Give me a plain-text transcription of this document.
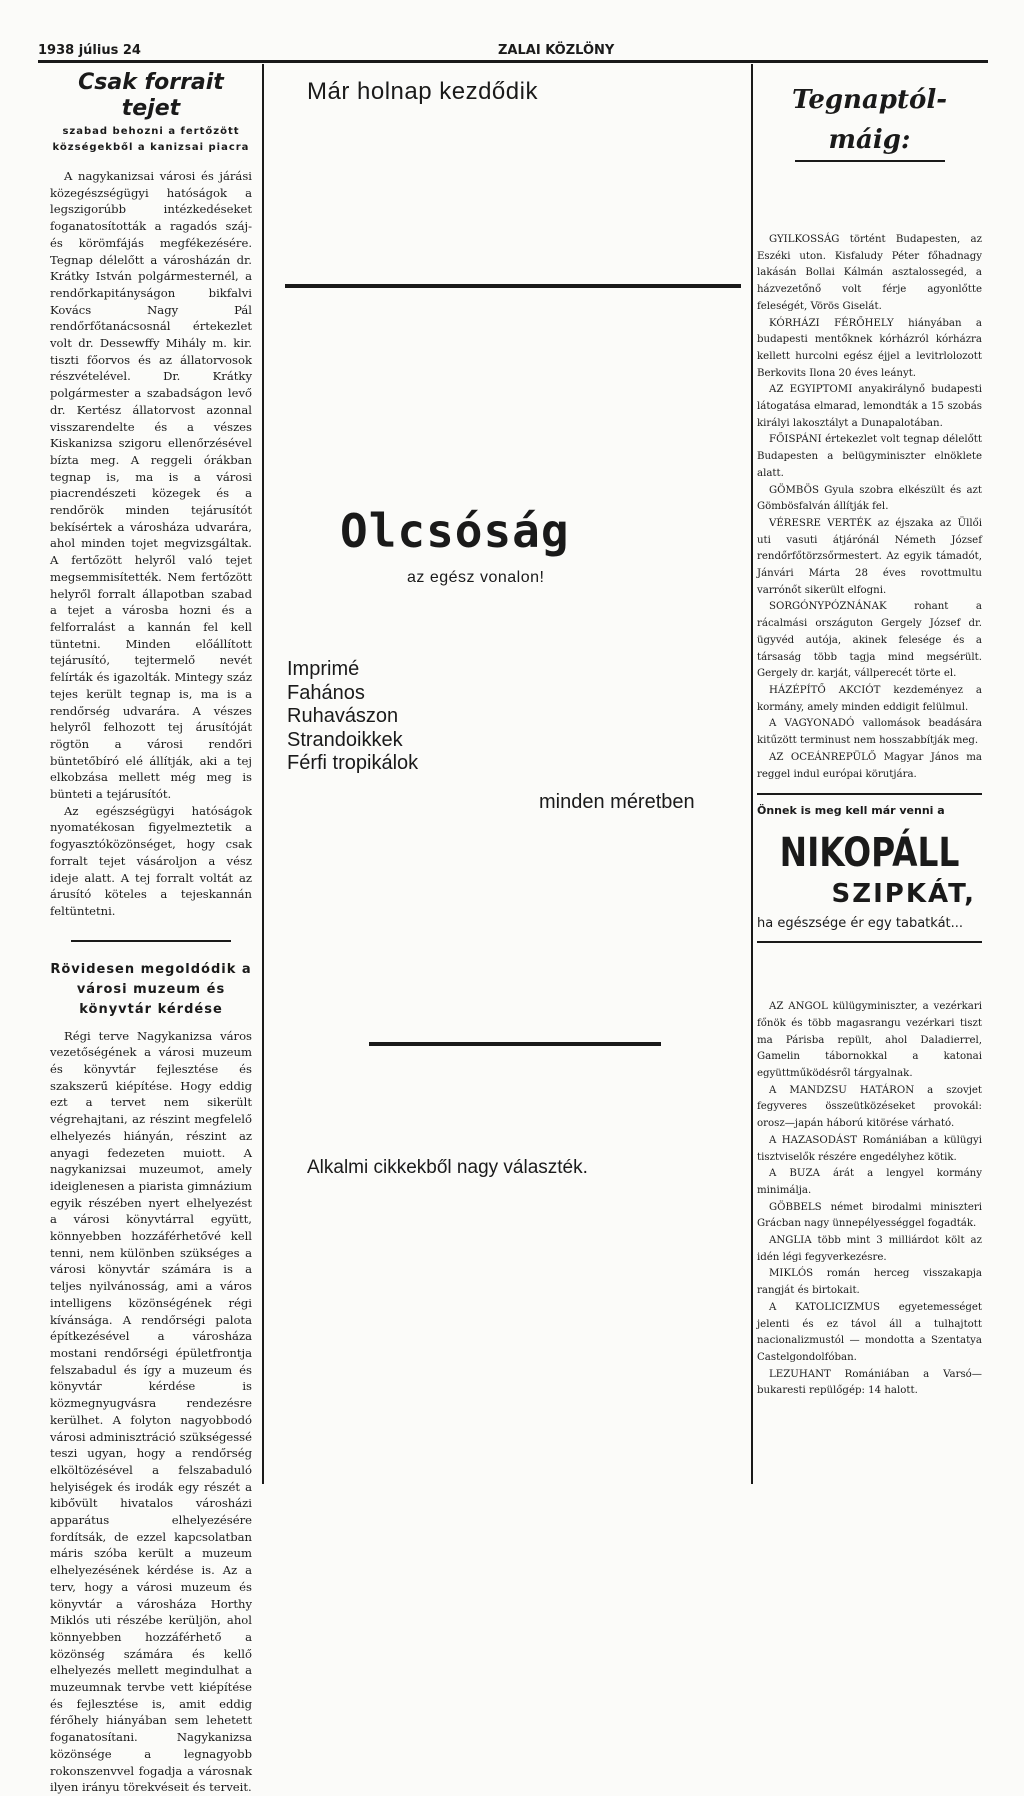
1938 július 24	ZALAI KÖZLÖNY
Csak forrait tejet
szabad behozni a fertőzött községekből a kanizsai piacra

A nagykanizsai városi és járási közegészségügyi hatóságok a legszigorúbb intézkedéseket foganatosították a ragadós száj- és körömfájás megfékezésére. Tegnap délelőtt a városházán dr. Krátky István polgármesternél, a rendőrkapitányságon bikfalvi Kovács Nagy Pál rendőrfőtanácsosnál értekezlet volt dr. Dessewffy Mihály m. kir. tiszti főorvos és az állatorvosok részvételével. Dr. Krátky polgármester a szabadságon levő dr. Kertész állatorvost azonnal visszarendelte és a vészes Kiskanizsa szigoru ellenőrzésével bízta meg. A reggeli órákban tegnap is, ma is a városi piacrendészeti közegek és a rendőrök minden tejárusítót bekísértek a városháza udvarára, ahol minden tojet megvizsgáltak. A fertőzött helyről való tejet megsemmisítették. Nem fertőzött helyről forralt állapotban szabad a tejet a városba hozni és a felforralást a kannán fel kell tüntetni. Minden előállított tejárusító, tejtermelő nevét felírták és igazolták. Mintegy száz tejes került tegnap is, ma is a rendőrség udvarára. A vészes helyről felhozott tej árusítóját rögtön a városi rendőri büntetőbíró elé állítják, aki a tej elkobzása mellett még meg is bünteti a tejárusítót.

Az egészségügyi hatóságok nyomatékosan figyelmeztetik a fogyasztóközönséget, hogy csak forralt tejet vásároljon a vész ideje alatt. A tej forralt voltát az árusító köteles a tejeskannán feltüntetni.

Rövidesen megoldódik a városi muzeum és könyvtár kérdése

Régi terve Nagykanizsa város vezetőségének a városi muzeum és könyvtár fejlesztése és szakszerű kiépítése. Hogy eddig ezt a tervet nem sikerült végrehajtani, az részint megfelelő elhelyezés hiányán, részint az anyagi fedezeten muiott. A nagykanizsai muzeumot, amely ideiglenesen a piarista gimnázium egyik részében nyert elhelyezést a városi könyvtárral együtt, könnyebben hozzáférhetővé kell tenni, nem különben szükséges a városi könyvtár számára is a teljes nyilvánosság, ami a város intelligens közönségének régi kívánsága. A rendőrségi palota építkezésével a városháza mostani rendőrségi épületfrontja felszabadul és így a muzeum és könyvtár kérdése is közmegnyugvásra rendezésre kerülhet. A folyton nagyobbodó városi adminisztráció szükségessé teszi ugyan, hogy a rendőrség elköltözésével a felszabaduló helyiségek és irodák egy részét a kibővült hivatalos városházi apparátus elhelyezésére fordítsák, de ezzel kapcsolatban máris szóba került a muzeum elhelyezésének kérdése is. Az a terv, hogy a városi muzeum és könyvtár a városháza Horthy Miklós uti részébe kerüljön, ahol könnyebben hozzáférhető a közönség számára és kellő elhelyezés mellett megindulhat a muzeumnak tervbe vett kiépítése és fejlesztése is, amit eddig férőhely hiányában sem lehetett foganatosítani. Nagykanizsa közönsége a legnagyobb rokonszenvvel fogadja a városnak ilyen irányu törekvéseit és terveit.

Már holnap kezdődik
Olcsóság
az egész vonalon!
Imprimé
Fahános
Ruhavászon
Strandoikkek
Férfi tropikálok
minden méretben
Alkalmi cikkekből nagy választék.
Tegnaptól-máig:

GYILKOSSÁG történt Budapesten, az Eszéki uton. Kisfaludy Péter főhadnagy lakásán Bollai Kálmán asztalossegéd, a házvezetőnő volt férje agyonlőtte feleségét, Vörös Giselát.

KÓRHÁZI FÉRŐHELY hiányában a budapesti mentőknek kórházról kórházra kellett hurcolni egész éjjel a levitrlolozott Berkovits Ilona 20 éves leányt.

AZ EGYIPTOMI anyakirálynő budapesti látogatása elmarad, lemondták a 15 szobás királyi lakosztályt a Dunapalotában.

FŐISPÁNI értekezlet volt tegnap délelőtt Budapesten a belügyminiszter elnöklete alatt.

GÖMBÖS Gyula szobra elkészült és azt Gömbösfalván állítják fel.

VÉRESRE VERTÉK az éjszaka az Üllői uti vasuti átjárónál Németh József rendőrfőtörzsőrmestert. Az egyik támadót, Jánvári Márta 28 éves rovottmultu varrónőt sikerült elfogni.

SORGÓNYPÓZNÁNAK rohant a rácalmási országuton Gergely József dr. ügyvéd autója, akinek felesége és a társaság több tagja mind megsérült. Gergely dr. karját, vállperecét törte el.

HÁZÉPÍTŐ AKCIÓT kezdeményez a kormány, amely minden eddigit felülmul.

A VAGYONADÓ vallomások beadására kitűzött terminust nem hosszabbítják meg.

AZ OCEÁNREPÜLŐ Magyar János ma reggel indul európai körutjára.

Önnek is meg kell már venni a
NIKOPÁLL
SZIPKÁT,
ha egészsége ér egy tabatkát...

AZ ANGOL külügyminiszter, a vezérkari főnök és több magasrangu vezérkari tiszt ma Párisba repült, ahol Daladierrel, Gamelin tábornokkal a katonai együttműködésről tárgyalnak.

A MANDZSU HATÁRON a szovjet fegyveres összeütközéseket provokál: orosz—japán háború kitörése várható.

A HAZASODÁST Romániában a külügyi tisztviselők részére engedélyhez kötik.

A BUZA árát a lengyel kormány minimálja.

GÖBBELS német birodalmi miniszteri Grácban nagy ünnepélyességgel fogadták.

ANGLIA több mint 3 milliárdot költ az idén légi fegyverkezésre.

MIKLÓS román herceg visszakapja rangját és birtokait.

A KATOLICIZMUS egyetemességet jelenti és ez távol áll a tulhajtott nacionalizmustól — mondotta a Szentatya Castelgondolfóban.

LEZUHANT Romániában a Varsó—bukaresti repülőgép: 14 halott.
